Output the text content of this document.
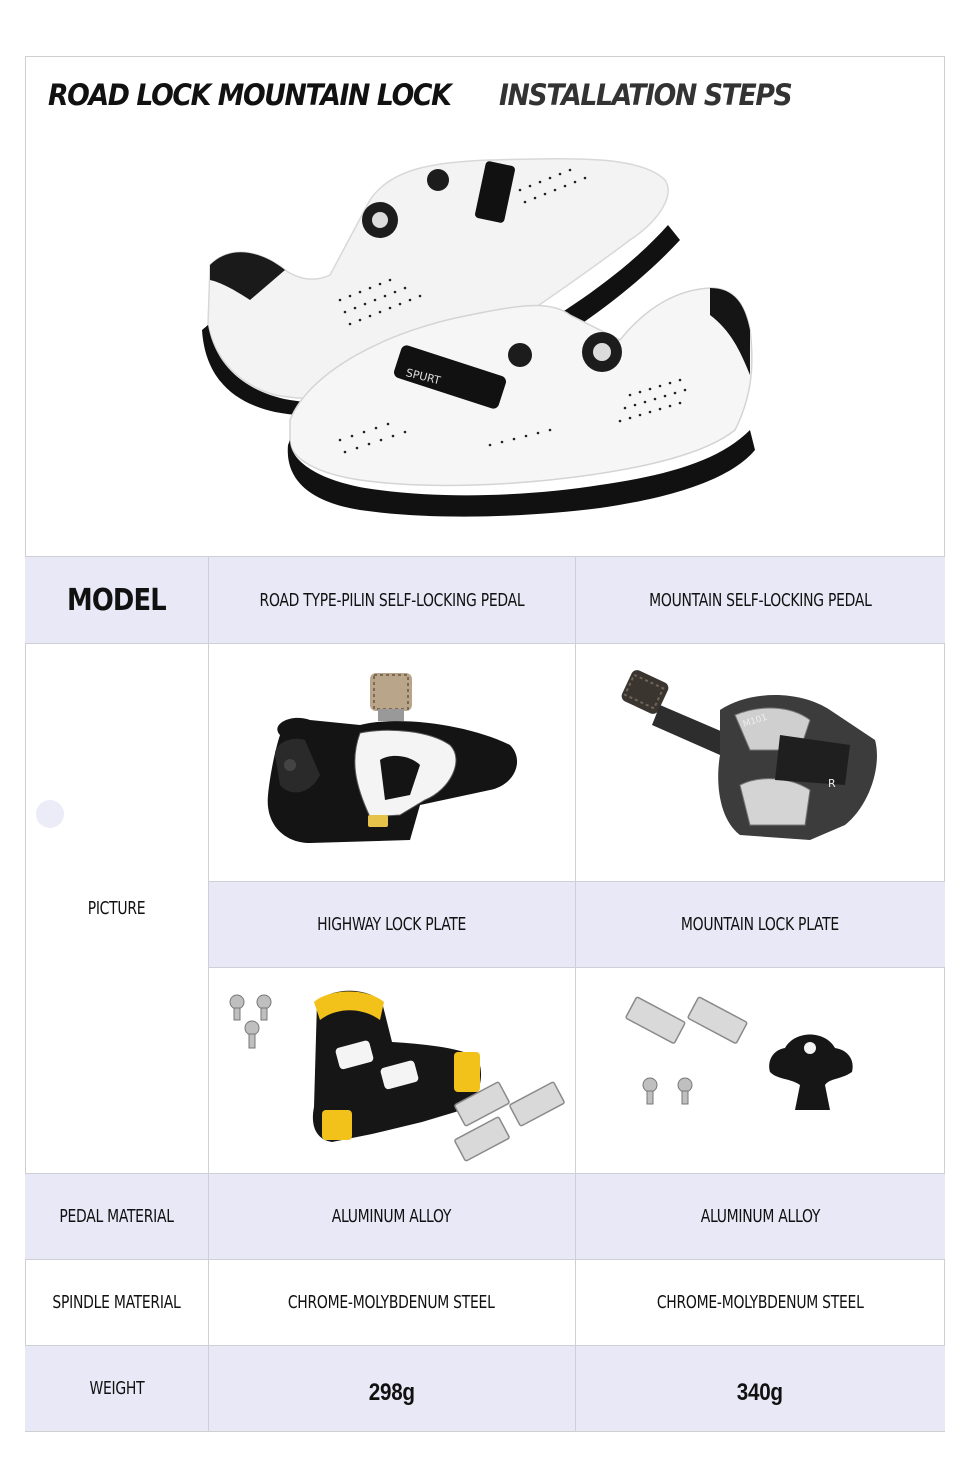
ROAD LOCK MOUNTAIN LOCK INSTALLATION STEPS
SPURT
MODEL	ROAD TYPE-PILIN SELF-LOCKING PEDAL	MOUNTAIN SELF-LOCKING PEDAL
PICTURE
M101
R
HIGHWAY LOCK PLATE	MOUNTAIN LOCK PLATE
PEDAL MATERIAL	ALUMINUM ALLOY	ALUMINUM ALLOY
SPINDLE MATERIAL	CHROME-MOLYBDENUM STEEL	CHROME-MOLYBDENUM STEEL
WEIGHT	298g	340g
